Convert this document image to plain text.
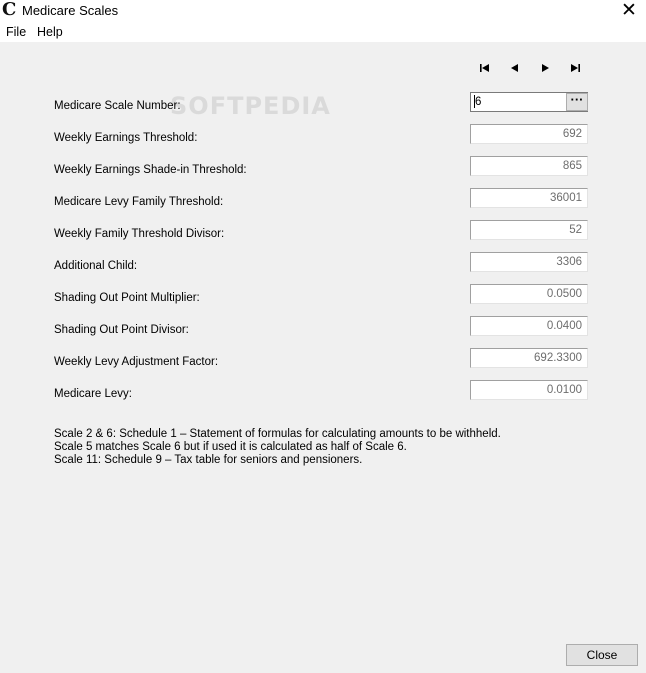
C Medicare Scales	✕
File Help
SOFTPEDIA
Medicare Scale Number:	6	···
Weekly Earnings Threshold:	692
Weekly Earnings Shade-in Threshold:	865
Medicare Levy Family Threshold:	36001
Weekly Family Threshold Divisor:	52
Additional Child:	3306
Shading Out Point Multiplier:	0.0500
Shading Out Point Divisor:	0.0400
Weekly Levy Adjustment Factor:	692.3300
Medicare Levy:	0.0100
Scale 2 & 6: Schedule 1 – Statement of formulas for calculating amounts to be withheld.
Scale 5 matches Scale 6 but if used it is calculated as half of Scale 6.
Scale 11: Schedule 9 – Tax table for seniors and pensioners.
Close
